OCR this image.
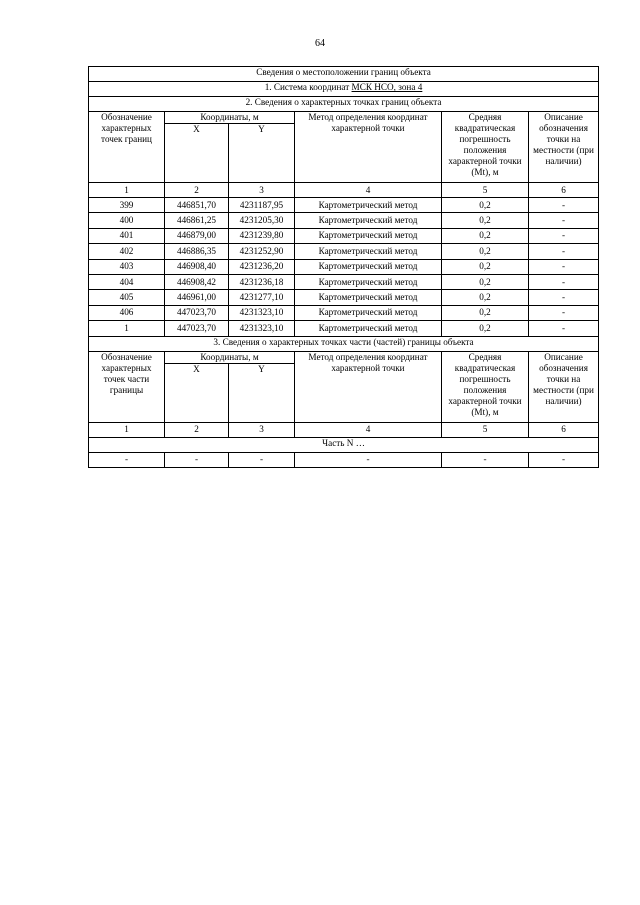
64
Сведения о местоположении границ объекта					
1. Система координат МСК НСО, зона 4					
2. Сведения о характерных точках границ объекта					
Обозначение характерных точек границ	Координаты, м		Метод определения координат характерной точки	Средняя квадратическая погрешность положения характерной точки (Mt), м	Описание обозначения точки на местности (при наличии)
	X	Y			
1	2	3	4	5	6
399	446851,70	4231187,95	Картометрический метод	0,2	-
400	446861,25	4231205,30	Картометрический метод	0,2	-
401	446879,00	4231239,80	Картометрический метод	0,2	-
402	446886,35	4231252,90	Картометрический метод	0,2	-
403	446908,40	4231236,20	Картометрический метод	0,2	-
404	446908,42	4231236,18	Картометрический метод	0,2	-
405	446961,00	4231277,10	Картометрический метод	0,2	-
406	447023,70	4231323,10	Картометрический метод	0,2	-
1	447023,70	4231323,10	Картометрический метод	0,2	-
3. Сведения о характерных точках части (частей) границы объекта					
Обозначение характерных точек части границы	Координаты, м		Метод определения координат характерной точки	Средняя квадратическая погрешность положения характерной точки (Mt), м	Описание обозначения точки на местности (при наличии)
	X	Y			
1	2	3	4	5	6
Часть N …					
-	-	-	-	-	-
